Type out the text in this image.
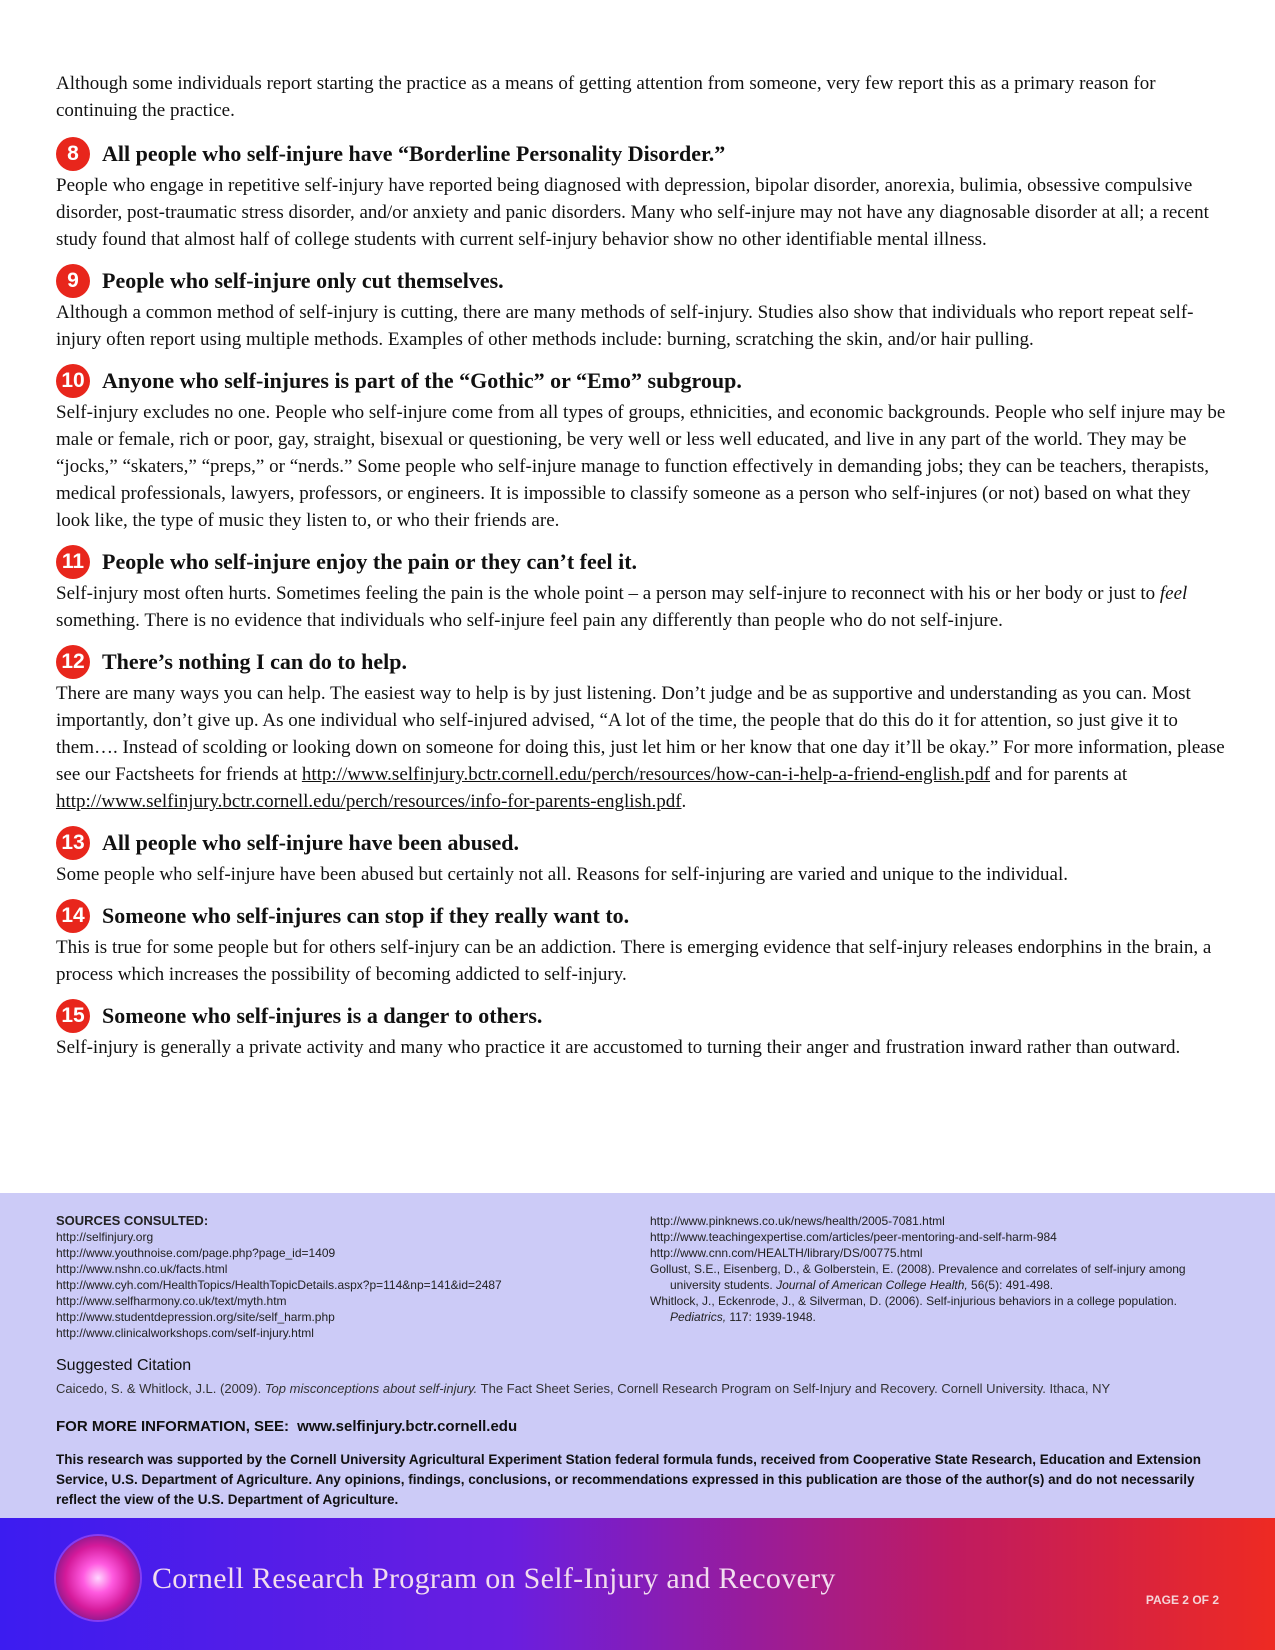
Although some individuals report starting the practice as a means of getting attention from someone, very few report this as a primary reason for continuing the practice.

8	All people who self-injure have “Borderline Personality Disorder.”

People who engage in repetitive self-injury have reported being diagnosed with depression, bipolar disorder, anorexia, bulimia, obsessive compulsive disorder, post-traumatic stress disorder, and/or anxiety and panic disorders. Many who self-injure may not have any diagnosable disorder at all; a recent study found that almost half of college students with current self-injury behavior show no other identifiable mental illness.

9	People who self-injure only cut themselves.

Although a common method of self-injury is cutting, there are many methods of self-injury. Studies also show that individuals who report repeat self-injury often report using multiple methods. Examples of other methods include: burning, scratching the skin, and/or hair pulling.

10 Anyone who self-injures is part of the “Gothic” or “Emo” subgroup.

Self-injury excludes no one. People who self-injure come from all types of groups, ethnicities, and economic backgrounds. People who self injure may be male or female, rich or poor, gay, straight, bisexual or questioning, be very well or less well educated, and live in any part of the world. They may be “jocks,” “skaters,” “preps,” or “nerds.” Some people who self-injure manage to function effectively in demanding jobs; they can be teachers, therapists, medical professionals, lawyers, professors, or engineers. It is impossible to classify someone as a person who self-injures (or not) based on what they look like, the type of music they listen to, or who their friends are.

11 People who self-injure enjoy the pain or they can’t feel it.

Self-injury most often hurts. Sometimes feeling the pain is the whole point – a person may self-injure to reconnect with his or her body or just to feel something. There is no evidence that individuals who self-injure feel pain any differently than people who do not self-injure.

12 There’s nothing I can do to help.

There are many ways you can help. The easiest way to help is by just listening. Don’t judge and be as supportive and understanding as you can. Most importantly, don’t give up. As one individual who self-injured advised, “A lot of the time, the people that do this do it for attention, so just give it to them…. Instead of scolding or looking down on someone for doing this, just let him or her know that one day it’ll be okay.” For more information, please see our Factsheets for friends at http://www.selfinjury.bctr.cornell.edu/perch/resources/how-can-i-help-a-friend-english.pdf and for parents at http://www.selfinjury.bctr.cornell.edu/perch/resources/info-for-parents-english.pdf.

13 All people who self-injure have been abused.

Some people who self-injure have been abused but certainly not all. Reasons for self-injuring are varied and unique to the individual.

14 Someone who self-injures can stop if they really want to.

This is true for some people but for others self-injury can be an addiction. There is emerging evidence that self-injury releases endorphins in the brain, a process which increases the possibility of becoming addicted to self-injury.

15 Someone who self-injures is a danger to others.

Self-injury is generally a private activity and many who practice it are accustomed to turning their anger and frustration inward rather than outward.

SOURCES CONSULTED:
http://selfinjury.org
http://www.youthnoise.com/page.php?page_id=1409
http://www.nshn.co.uk/facts.html
http://www.cyh.com/HealthTopics/HealthTopicDetails.aspx?p=114&np=141&id=2487
http://www.selfharmony.co.uk/text/myth.htm
http://www.studentdepression.org/site/self_harm.php
http://www.clinicalworkshops.com/self-injury.html
http://www.pinknews.co.uk/news/health/2005-7081.html
http://www.teachingexpertise.com/articles/peer-mentoring-and-self-harm-984
http://www.cnn.com/HEALTH/library/DS/00775.html
Gollust, S.E., Eisenberg, D., & Golberstein, E. (2008). Prevalence and correlates of self-injury among university students. Journal of American College Health, 56(5): 491-498.
Whitlock, J., Eckenrode, J., & Silverman, D. (2006). Self-injurious behaviors in a college population. Pediatrics, 117: 1939-1948.
Suggested Citation
Caicedo, S. & Whitlock, J.L. (2009). Top misconceptions about self-injury. The Fact Sheet Series, Cornell Research Program on Self-Injury and Recovery. Cornell University. Ithaca, NY
FOR MORE INFORMATION, SEE: www.selfinjury.bctr.cornell.edu
This research was supported by the Cornell University Agricultural Experiment Station federal formula funds, received from Cooperative State Research, Education and Extension Service, U.S. Department of Agriculture. Any opinions, findings, conclusions, or recommendations expressed in this publication are those of the author(s) and do not necessarily reflect the view of the U.S. Department of Agriculture.
Cornell Research Program on Self-Injury and Recovery
PAGE 2 OF 2
